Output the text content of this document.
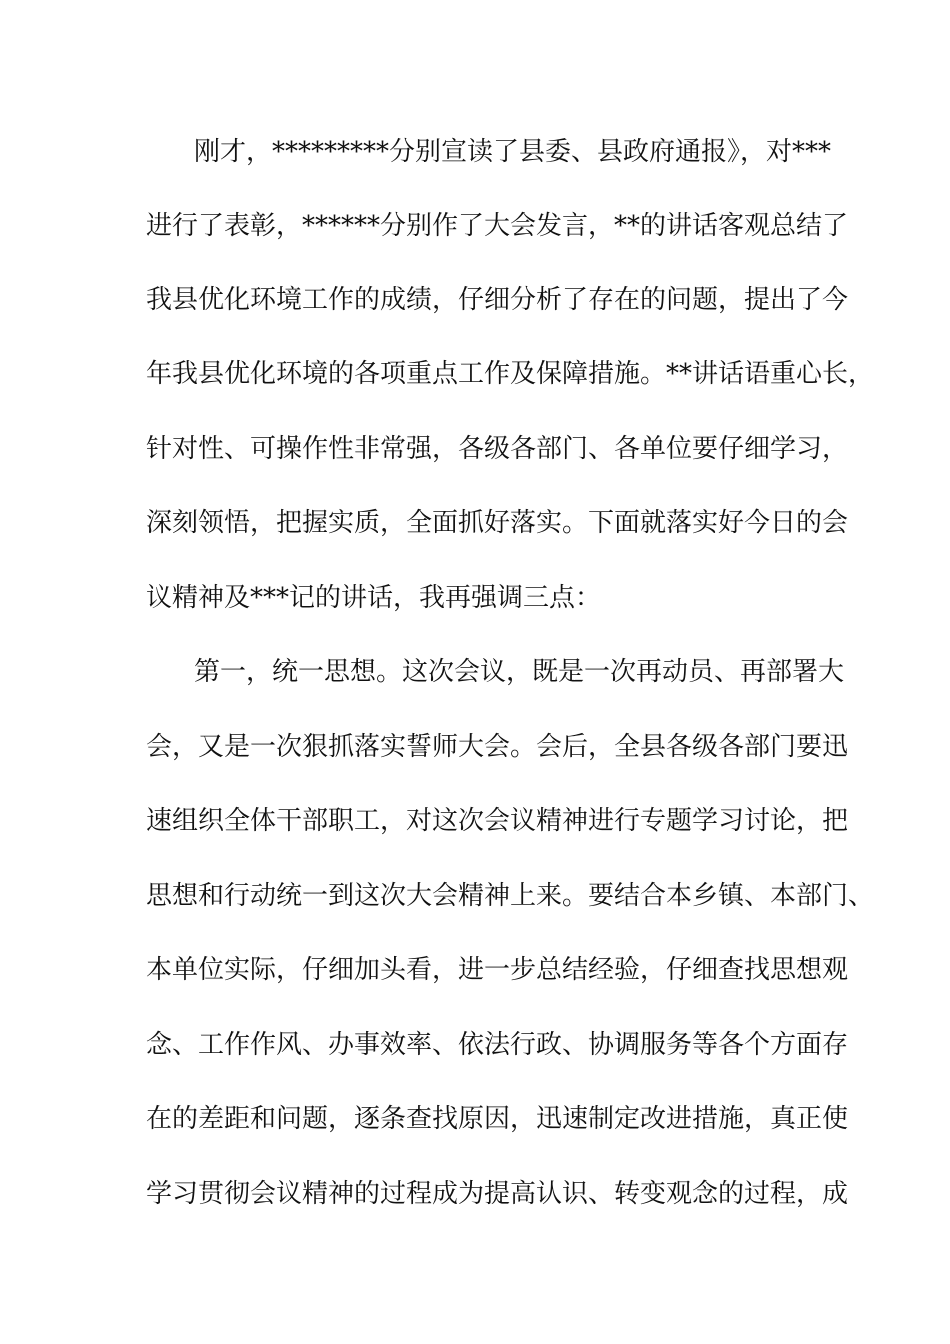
刚才，*********分别宣读了县委、县政府通报》，对***
进行了表彰，******分别作了大会发言，**的讲话客观总结了
我县优化环境工作的成绩，仔细分析了存在的问题，提出了今
年我县优化环境的各项重点工作及保障措施。**讲话语重心长，
针对性、可操作性非常强，各级各部门、各单位要仔细学习，
深刻领悟，把握实质，全面抓好落实。下面就落实好今日的会
议精神及***记的讲话，我再强调三点：
第一，统一思想。这次会议，既是一次再动员、再部署大
会，又是一次狠抓落实誓师大会。会后，全县各级各部门要迅
速组织全体干部职工，对这次会议精神进行专题学习讨论，把
思想和行动统一到这次大会精神上来。要结合本乡镇、本部门、
本单位实际，仔细加头看，进一步总结经验，仔细查找思想观
念、工作作风、办事效率、依法行政、协调服务等各个方面存
在的差距和问题，逐条查找原因，迅速制定改进措施，真正使
学习贯彻会议精神的过程成为提高认识、转变观念的过程，成
